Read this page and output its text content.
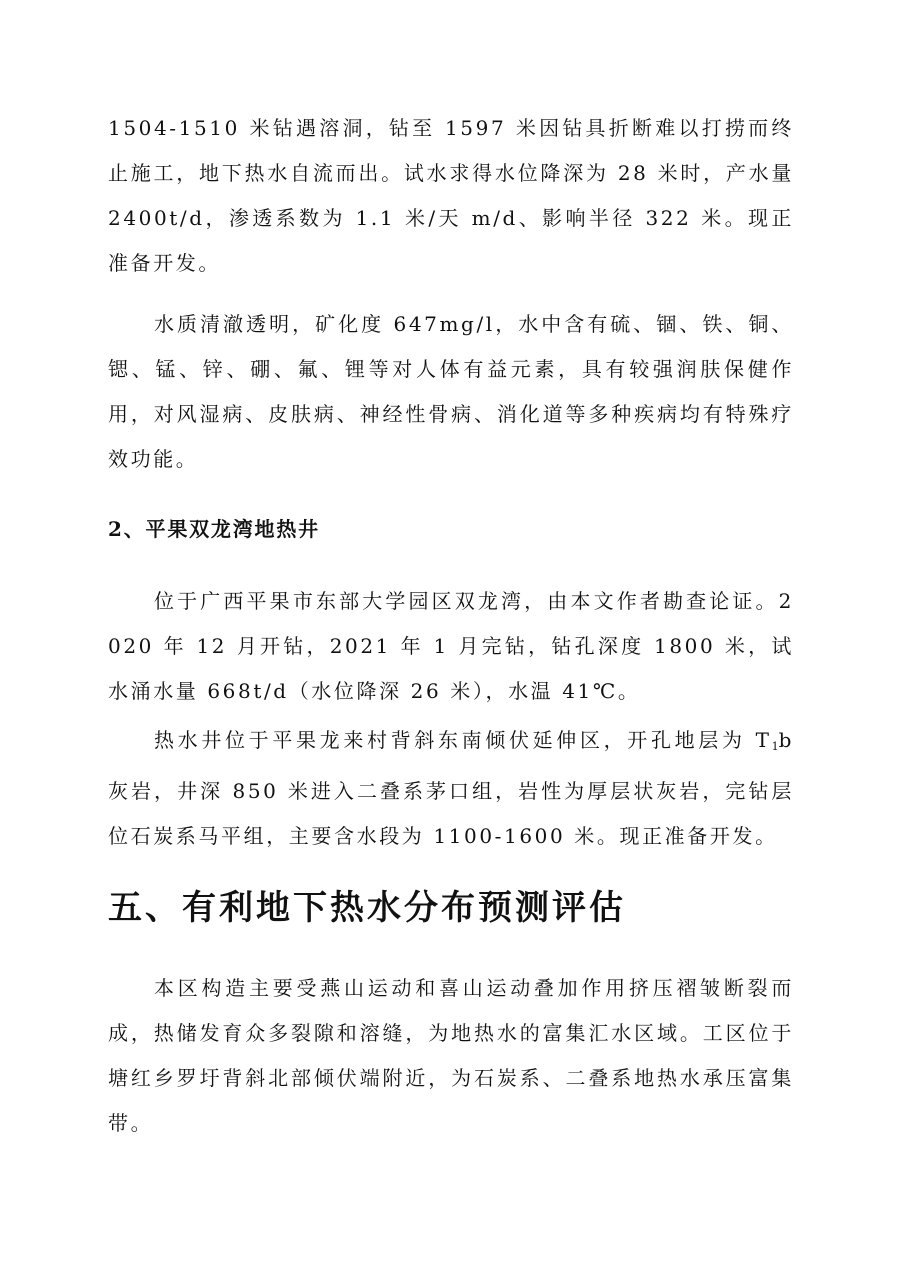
1504-1510 米钻遇溶洞，钻至 1597 米因钻具折断难以打捞而终止施工，地下热水自流而出。试水求得水位降深为 28 米时，产水量 2400t/d，渗透系数为 1.1 米/天 m/d、影响半径 322 米。现正准备开发。

水质清澈透明，矿化度 647mg/l，水中含有硫、锢、铁、铜、锶、锰、锌、硼、氟、锂等对人体有益元素，具有较强润肤保健作用，对风湿病、皮肤病、神经性骨病、消化道等多种疾病均有特殊疗效功能。

2、平果双龙湾地热井

位于广西平果市东部大学园区双龙湾，由本文作者勘查论证。2020 年 12 月开钻，2021 年 1 月完钻，钻孔深度 1800 米，试水涌水量 668t/d（水位降深 26 米），水温 41℃。

热水井位于平果龙来村背斜东南倾伏延伸区，开孔地层为 $T_1b$ 灰岩，井深 850 米进入二叠系茅口组，岩性为厚层状灰岩，完钻层位石炭系马平组，主要含水段为 1100-1600 米。现正准备开发。

五、有利地下热水分布预测评估

本区构造主要受燕山运动和喜山运动叠加作用挤压褶皱断裂而成，热储发育众多裂隙和溶缝，为地热水的富集汇水区域。工区位于塘红乡罗圩背斜北部倾伏端附近，为石炭系、二叠系地热水承压富集带。
